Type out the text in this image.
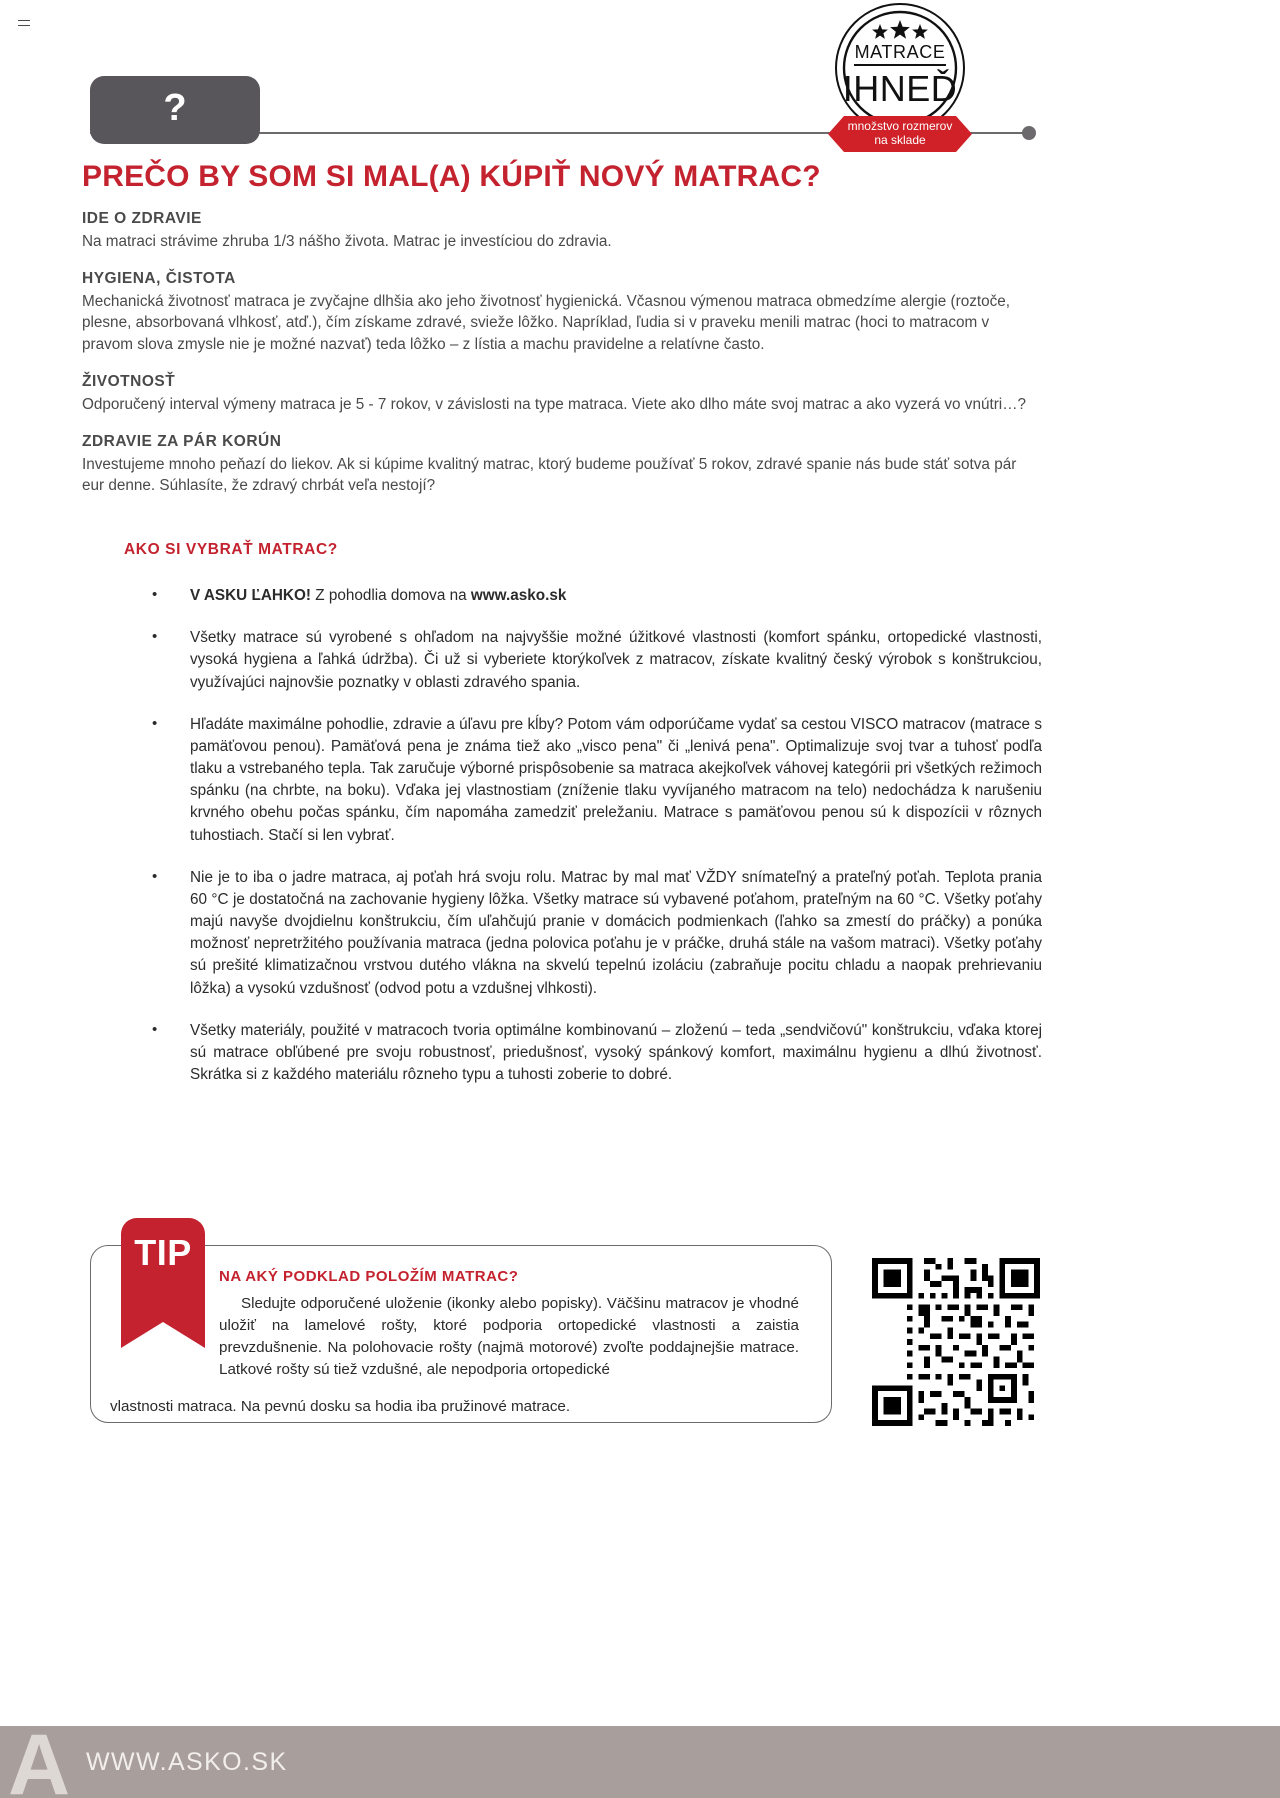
?
MATRACE
IHNEĎ
množstvo rozmerov
na sklade
PREČO BY SOM SI MAL(A) KÚPIŤ NOVÝ MATRAC?
IDE O ZDRAVIE

Na matraci strávime zhruba 1/3 nášho života. Matrac je investíciou do zdravia.

HYGIENA, ČISTOTA

Mechanická životnosť matraca je zvyčajne dlhšia ako jeho životnosť hygienická. Včasnou výmenou matraca obmedzíme alergie (roztoče, plesne, absorbovaná vlhkosť, atď.), čím získame zdravé, svieže lôžko. Napríklad, ľudia si v praveku menili matrac (hoci to matracom v pravom slova zmysle nie je možné nazvať) teda lôžko – z lístia a machu pravidelne a relatívne často.

ŽIVOTNOSŤ

Odporučený interval výmeny matraca je 5 - 7 rokov, v závislosti na type matraca. Viete ako dlho máte svoj matrac a ako vyzerá vo vnútri…?

ZDRAVIE ZA PÁR KORÚN

Investujeme mnoho peňazí do liekov. Ak si kúpime kvalitný matrac, ktorý budeme používať 5 rokov, zdravé spanie nás bude stáť sotva pár eur denne. Súhlasíte, že zdravý chrbát veľa nestojí?

AKO SI VYBRAŤ MATRAC?
• V ASKU ĽAHKO! Z pohodlia domova na www.asko.sk
• Všetky matrace sú vyrobené s ohľadom na najvyššie možné úžitkové vlastnosti (komfort spánku, ortopedické vlastnosti, vysoká hygiena a ľahká údržba). Či už si vyberiete ktorýkoľvek z matracov, získate kvalitný český výrobok s konštrukciou, využívajúci najnovšie poznatky v oblasti zdravého spania.
• Hľadáte maximálne pohodlie, zdravie a úľavu pre kĺby? Potom vám odporúčame vydať sa cestou VISCO matracov (matrace s pamäťovou penou). Pamäťová pena je známa tiež ako „visco pena" či „lenivá pena". Optimalizuje svoj tvar a tuhosť podľa tlaku a vstrebaného tepla. Tak zaručuje výborné prispôsobenie sa matraca akejkoľvek váhovej kategórii pri všetkých režimoch spánku (na chrbte, na boku). Vďaka jej vlastnostiam (zníženie tlaku vyvíjaného matracom na telo) nedochádza k narušeniu krvného obehu počas spánku, čím napomáha zamedziť preležaniu. Matrace s pamäťovou penou sú k dispozícii v rôznych tuhostiach. Stačí si len vybrať.
• Nie je to iba o jadre matraca, aj poťah hrá svoju rolu. Matrac by mal mať VŽDY snímateľný a prateľný poťah. Teplota prania 60 °C je dostatočná na zachovanie hygieny lôžka. Všetky matrace sú vybavené poťahom, prateľným na 60 °C. Všetky poťahy majú navyše dvojdielnu konštrukciu, čím uľahčujú pranie v domácich podmienkach (ľahko sa zmestí do práčky) a ponúka možnosť nepretržitého používania matraca (jedna polovica poťahu je v práčke, druhá stále na vašom matraci). Všetky poťahy sú prešité klimatizačnou vrstvou dutého vlákna na skvelú tepelnú izoláciu (zabraňuje pocitu chladu a naopak prehrievaniu lôžka) a vysokú vzdušnosť (odvod potu a vzdušnej vlhkosti).
• Všetky materiály, použité v matracoch tvoria optimálne kombinovanú – zloženú – teda „sendvičovú" konštrukciu, vďaka ktorej sú matrace obľúbené pre svoju robustnosť, priedušnosť, vysoký spánkový komfort, maximálnu hygienu a dlhú životnosť. Skrátka si z každého materiálu rôzneho typu a tuhosti zoberie to dobré.
TIP
NA AKÝ PODKLAD POLOŽÍM MATRAC?
Sledujte odporučené uloženie (ikonky alebo popisky). Väčšinu matracov je vhodné uložiť na lamelové rošty, ktoré podporia ortopedické vlastnosti a zaistia prevzdušnenie. Na polohovacie rošty (najmä motorové) zvoľte poddajnejšie matrace. Latkové rošty sú tiež vzdušné, ale nepodporia ortopedické
vlastnosti matraca. Na pevnú dosku sa hodia iba pružinové matrace.
A WWW.ASKO.SK
